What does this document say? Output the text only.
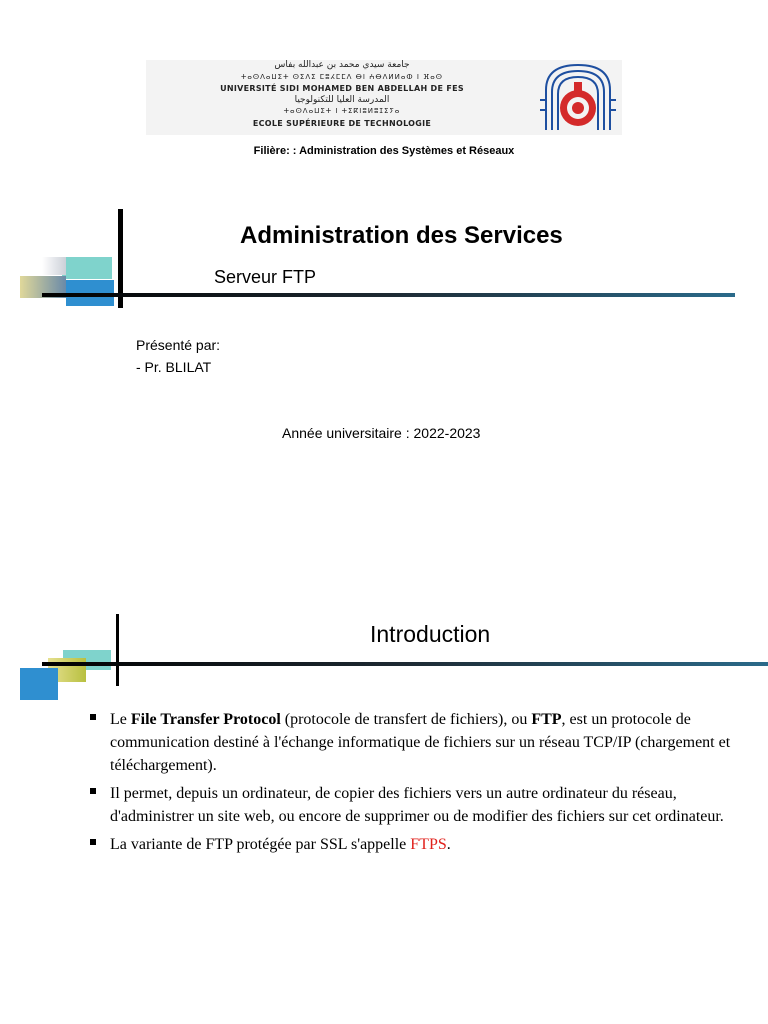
جامعة سيدي محمد بن عبدالله بفاس
ⵜⴰⵙⴷⴰⵡⵉⵜ ⵙⵉⴷⵉ ⵎⵓⵃⵎⵎⴷ ⴱⵏ ⵄⴱⴷⵍⵍⴰⵀ ⵏ ⴼⴰⵙ
UNIVERSITÉ SIDI MOHAMED BEN ABDELLAH DE FES
المدرسة العليا للتكنولوجيا
ⵜⴰⵙⴷⴰⵡⵉⵜ ⵏ ⵜⵉⴽⵏⵓⵍⵓⵊⵉⵢⴰ
ECOLE SUPÉRIEURE DE TECHNOLOGIE
Filière: : Administration des Systèmes et Réseaux
Administration des Services
Serveur FTP
Présenté par:
- Pr. BLILAT
Année universitaire : 2022-2023
Introduction
Le File Transfer Protocol (protocole de transfert de fichiers), ou FTP, est un protocole de communication destiné à l'échange informatique de fichiers sur un réseau TCP/IP (chargement et téléchargement).
Il permet, depuis un ordinateur, de copier des fichiers vers un autre ordinateur du réseau, d'administrer un site web, ou encore de supprimer ou de modifier des fichiers sur cet ordinateur.
La variante de FTP protégée par SSL s'appelle FTPS.
